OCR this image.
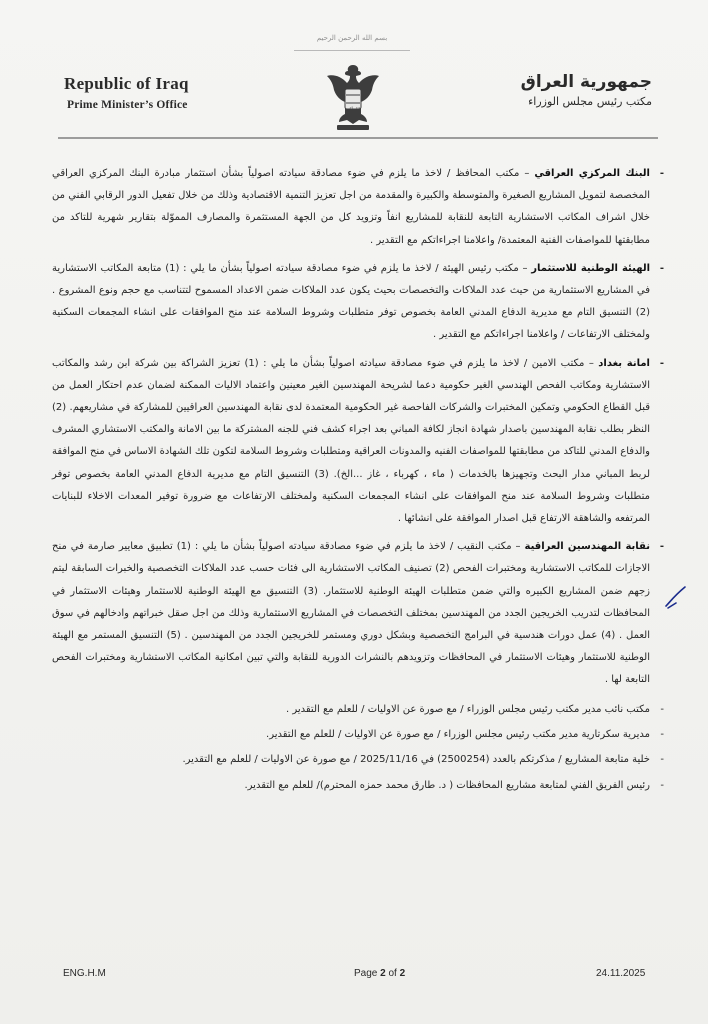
بسم الله الرحمن الرحيم
Republic of Iraq
Prime Minister’s Office	الله أكبر
جمهورية العراق
مكتب رئيس مجلس الوزراء

- البنك المركزي العراقي – مكتب المحافظ / لاخذ ما يلزم في ضوء مصادقة سيادته اصولياً بشأن استثمار مبادرة البنك المركزي العراقي المخصصة لتمويل المشاريع الصغيرة والمتوسطة والكبيرة والمقدمة من اجل تعزيز التنمية الاقتصادية وذلك من خلال تفعيل الدور الرقابي الفني من خلال اشراف المكاتب الاستشارية التابعة للنقابة للمشاريع انفاً وتزويد كل من الجهة المستثمرة والمصارف المموّلة بتقارير شهرية للتاكد من مطابقتها للمواصفات الفنية المعتمدة/ واعلامنا اجراءاتكم مع التقدير .

- الهيئة الوطنية للاستثمار – مكتب رئيس الهيئة / لاخذ ما يلزم في ضوء مصادقة سيادته اصولياً بشأن ما يلي : (1) متابعة المكاتب الاستشارية في المشاريع الاستثمارية من حيث عدد الملاكات والتخصصات بحيث يكون عدد الملاكات ضمن الاعداد المسموح لتتناسب مع حجم ونوع المشروع . (2) التنسيق التام مع مديرية الدفاع المدني العامة بخصوص توفر متطلبات وشروط السلامة عند منح الموافقات على انشاء المجمعات السكنية ولمختلف الارتفاعات / واعلامنا اجراءاتكم مع التقدير .

- امانة بغداد – مكتب الامين / لاخذ ما يلزم في ضوء مصادقة سيادته اصولياً بشأن ما يلي : (1) تعزيز الشراكة بين شركة ابن رشد والمكاتب الاستشارية ومكاتب الفحص الهندسي الغير حكومية دعما لشريحة المهندسين الغير معينين واعتماد الاليات الممكنة لضمان عدم احتكار العمل من قبل القطاع الحكومي وتمكين المختبرات والشركات الفاحصة غير الحكومية المعتمدة لدى نقابة المهندسين العراقيين للمشاركة في مشاريعهم. (2) النظر بطلب نقابة المهندسين باصدار شهادة انجاز لكافة المباني بعد اجراء كشف فني للجنه المشتركة ما بين الامانة والمكتب الاستشاري المشرف والدفاع المدني للتاكد من مطابقتها للمواصفات الفنيه والمدونات العراقية ومتطلبات وشروط السلامة لتكون تلك الشهادة الاساس في منح الموافقة لربط المباني مدار البحث وتجهيزها بالخدمات ( ماء ، كهرباء ، غاز ...الخ). (3) التنسيق التام مع مديرية الدفاع المدني العامة بخصوص توفر متطلبات وشروط السلامة عند منح الموافقات على انشاء المجمعات السكنية ولمختلف الارتفاعات مع ضرورة توفير المعدات الاخلاء للبنايات المرتفعه والشاهقة الارتفاع قبل اصدار الموافقة على انشائها .

- نقابة المهندسين العراقية – مكتب النقيب / لاخذ ما يلزم في ضوء مصادقة سيادته اصولياً بشأن ما يلي : (1) تطبيق معايير صارمة في منح الاجازات للمكاتب الاستشارية ومختبرات الفحص (2) تصنيف المكاتب الاستشارية الى فئات حسب عدد الملاكات التخصصية والخبرات السابقة ليتم زجهم ضمن المشاريع الكبيره والتي ضمن متطلبات الهيئة الوطنية للاستثمار. (3) التنسيق مع الهيئة الوطنية للاستثمار وهيئات الاستثمار في المحافظات لتدريب الخريجين الجدد من المهندسين بمختلف التخصصات في المشاريع الاستثمارية وذلك من اجل صقل خبراتهم وادخالهم في سوق العمل . (4) عمل دورات هندسية في البرامج التخصصية وبشكل دوري ومستمر للخريجين الجدد من المهندسين . (5) التنسيق المستمر مع الهيئة الوطنية للاستثمار وهيئات الاستثمار في المحافظات وتزويدهم بالنشرات الدورية للنقابة والتي تبين امكانية المكاتب الاستشارية ومختبرات الفحص التابعة لها .

- مكتب نائب مدير مكتب رئيس مجلس الوزراء / مع صورة عن الاوليات / للعلم مع التقدير .

- مديرية سكرتارية مدير مكتب رئيس مجلس الوزراء / مع صورة عن الاوليات / للعلم مع التقدير.

- خلية متابعة المشاريع / مذكرتكم بالعدد (2500254) في 2025/11/16 / مع صورة عن الاوليات / للعلم مع التقدير.

- رئيس الفريق الفني لمتابعة مشاريع المحافظات ( د. طارق محمد حمزه المحترم)/ للعلم مع التقدير.

ENG.H.M	Page 2 of 2	24.11.2025
